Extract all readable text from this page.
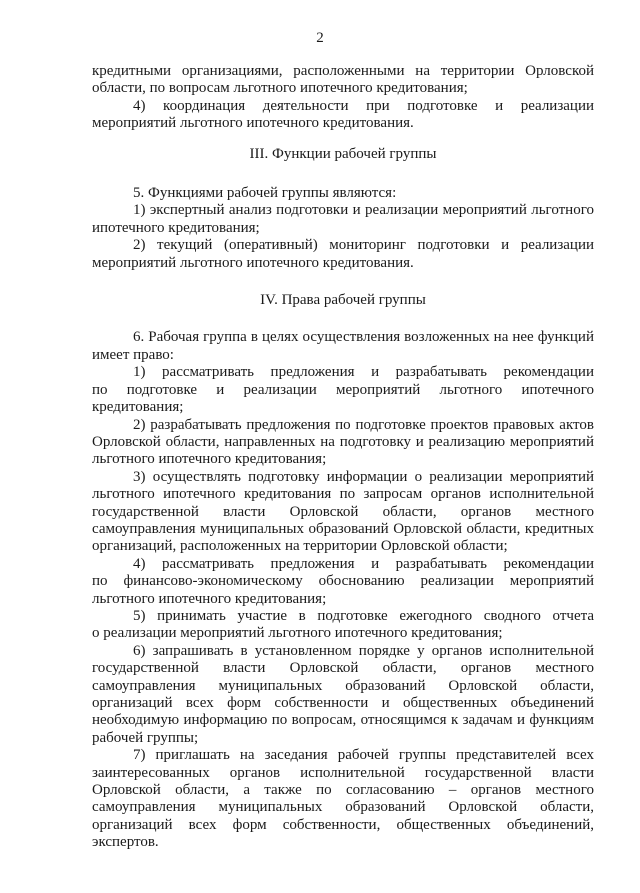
2

кредитными организациями, расположенными на территории Орловской

области, по вопросам льготного ипотечного кредитования;

4) координация деятельности при подготовке и реализации

мероприятий льготного ипотечного кредитования.

III. Функции рабочей группы

5. Функциями рабочей группы являются:

1) экспертный анализ подготовки и реализации мероприятий льготного

ипотечного кредитования;

2) текущий (оперативный) мониторинг подготовки и реализации

мероприятий льготного ипотечного кредитования.

IV. Права рабочей группы

6. Рабочая группа в целях осуществления возложенных на нее функций

имеет право:

1) рассматривать предложения и разрабатывать рекомендации

по подготовке и реализации мероприятий льготного ипотечного

кредитования;

2) разрабатывать предложения по подготовке проектов правовых актов

Орловской области, направленных на подготовку и реализацию мероприятий

льготного ипотечного кредитования;

3) осуществлять подготовку информации о реализации мероприятий

льготного ипотечного кредитования по запросам органов исполнительной

государственной власти Орловской области, органов местного

самоуправления муниципальных образований Орловской области, кредитных

организаций, расположенных на территории Орловской области;

4) рассматривать предложения и разрабатывать рекомендации

по финансово-экономическому обоснованию реализации мероприятий

льготного ипотечного кредитования;

5) принимать участие в подготовке ежегодного сводного отчета

о реализации мероприятий льготного ипотечного кредитования;

6) запрашивать в установленном порядке у органов исполнительной

государственной власти Орловской области, органов местного

самоуправления муниципальных образований Орловской области,

организаций всех форм собственности и общественных объединений

необходимую информацию по вопросам, относящимся к задачам и функциям

рабочей группы;

7) приглашать на заседания рабочей группы представителей всех

заинтересованных органов исполнительной государственной власти

Орловской области, а также по согласованию – органов местного

самоуправления муниципальных образований Орловской области,

организаций всех форм собственности, общественных объединений,

экспертов.
